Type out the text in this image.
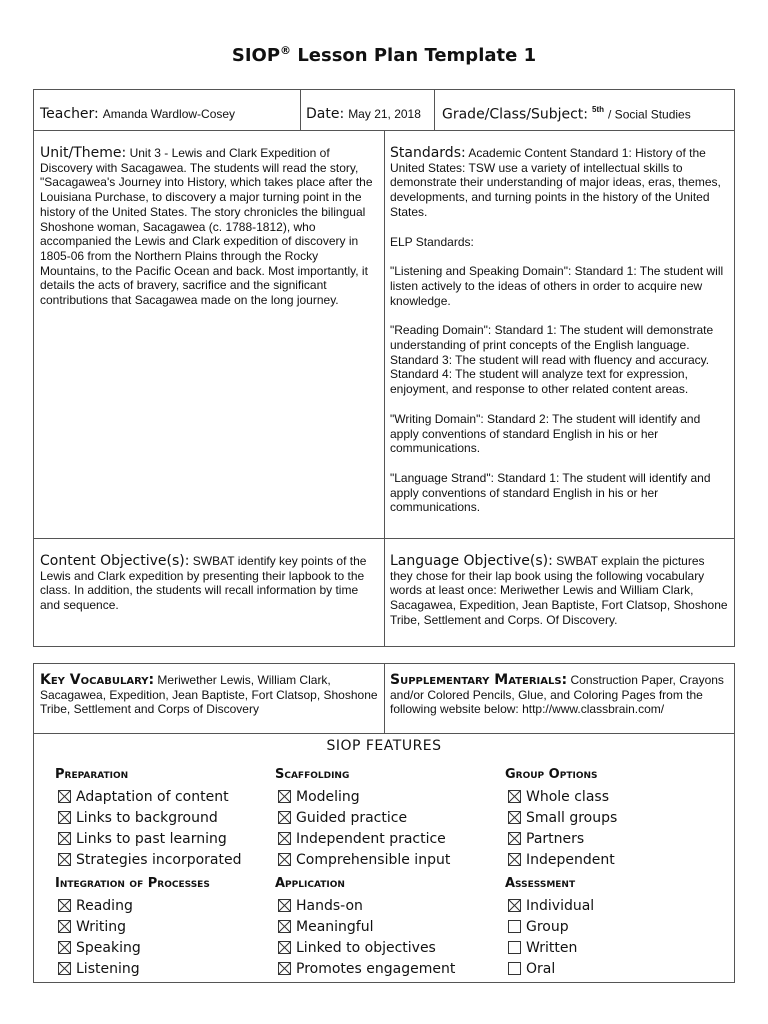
SIOP® Lesson Plan Template 1
Teacher: Amanda Wardlow-Cosey	Date: May 21, 2018	Grade/Class/Subject: $^{5th}$ / Social Studies
Unit/Theme: Unit 3 - Lewis and Clark Expedition of Discovery with Sacagawea. The students will read the story, "Sacagawea's Journey into History, which takes place after the Louisiana Purchase, to discovery a major turning point in the history of the United States. The story chronicles the bilingual Shoshone woman, Sacagawea (c. 1788-1812), who accompanied the Lewis and Clark expedition of discovery in 1805-06 from the Northern Plains through the Rocky Mountains, to the Pacific Ocean and back. Most importantly, it details the acts of bravery, sacrifice and the significant contributions that Sacagawea made on the long journey.

Standards: Academic Content Standard 1: History of the United States: TSW use a variety of intellectual skills to demonstrate their understanding of major ideas, eras, themes, developments, and turning points in the history of the United States.

ELP Standards:

"Listening and Speaking Domain": Standard 1: The student will listen actively to the ideas of others in order to acquire new knowledge.

"Reading Domain": Standard 1: The student will demonstrate understanding of print concepts of the English language. Standard 3: The student will read with fluency and accuracy. Standard 4: The student will analyze text for expression, enjoyment, and response to other related content areas.

"Writing Domain": Standard 2: The student will identify and apply conventions of standard English in his or her communications.

"Language Strand": Standard 1: The student will identify and apply conventions of standard English in his or her communications.

Content Objective(s): SWBAT identify key points of the Lewis and Clark expedition by presenting their lapbook to the class. In addition, the students will recall information by time and sequence.
Language Objective(s): SWBAT explain the pictures they chose for their lap book using the following vocabulary words at least once: Meriwether Lewis and William Clark, Sacagawea, Expedition, Jean Baptiste, Fort Clatsop, Shoshone Tribe, Settlement and Corps. Of Discovery.
Key Vocabulary: Meriwether Lewis, William Clark, Sacagawea, Expedition, Jean Baptiste, Fort Clatsop, Shoshone Tribe, Settlement and Corps of Discovery
Supplementary Materials: Construction Paper, Crayons and/or Colored Pencils, Glue, and Coloring Pages from the following website below: http://www.classbrain.com/
SIOP FEATURES
Preparation
Adaptation of content
Links to background
Links to past learning
Strategies incorporated
Scaffolding
Modeling
Guided practice
Independent practice
Comprehensible input
Group Options
Whole class
Small groups
Partners
Independent
Integration of Processes
Reading
Writing
Speaking
Listening
Application
Hands-on
Meaningful
Linked to objectives
Promotes engagement
Assessment
Individual
Group
Written
Oral
